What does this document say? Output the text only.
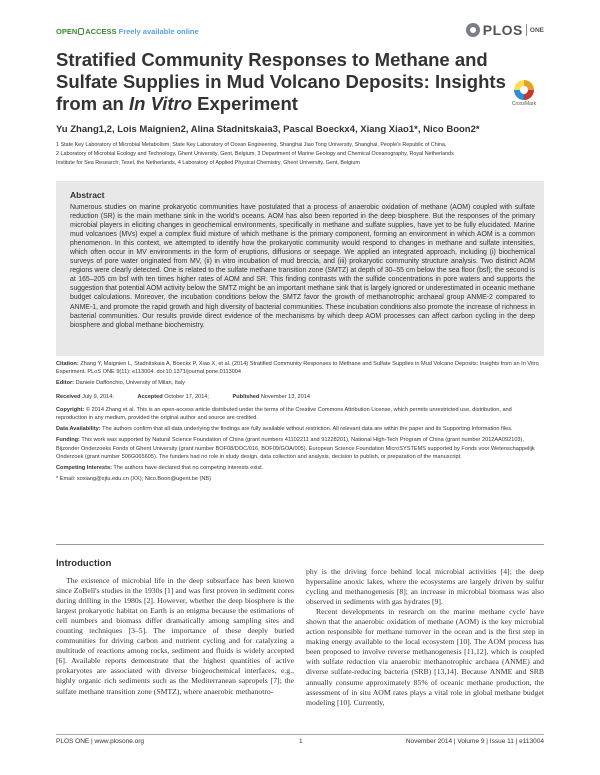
OPEN ACCESS Freely available online	PLOS ONE
Stratified Community Responses to Methane and Sulfate Supplies in Mud Volcano Deposits: Insights from an In Vitro Experiment	CrossMark
Yu Zhang1,2, Lois Maignien2, Alina Stadnitskaia3, Pascal Boeckx4, Xiang Xiao1*, Nico Boon2*
1 State Key Laboratory of Microbial Metabolism, State Key Laboratory of Ocean Engineering, Shanghai Jiao Tong University, Shanghai, People's Republic of China,
2 Laboratory of Microbial Ecology and Technology, Ghent University, Gent, Belgium, 3 Department of Marine Geology and Chemical Oceanography, Royal Netherlands
Institute for Sea Research, Texel, the Netherlands, 4 Laboratory of Applied Physical Chemistry, Ghent University, Gent, Belgium
Abstract
Numerous studies on marine prokaryotic communities have postulated that a process of anaerobic oxidation of methane (AOM) coupled with sulfate reduction (SR) is the main methane sink in the world's oceans. AOM has also been reported in the deep biosphere. But the responses of the primary microbial players in eliciting changes in geochemical environments, specifically in methane and sulfate supplies, have yet to be fully elucidated. Marine mud volcanoes (MVs) expel a complex fluid mixture of which methane is the primary component, forming an environment in which AOM is a common phenomenon. In this context, we attempted to identify how the prokaryotic community would respond to changes in methane and sulfate intensities, which often occur in MV environments in the form of eruptions, diffusions or seepage. We applied an integrated approach, including (i) biochemical surveys of pore water originated from MV, (ii) in vitro incubation of mud breccia, and (iii) prokaryotic community structure analysis. Two distinct AOM regions were clearly detected. One is related to the sulfate methane transition zone (SMTZ) at depth of 30–55 cm below the sea floor (bsf); the second is at 165–205 cm bsf with ten times higher rates of AOM and SR. This finding contrasts with the sulfide concentrations in pore waters and supports the suggestion that potential AOM activity below the SMTZ might be an important methane sink that is largely ignored or underestimated in oceanic methane budget calculations. Moreover, the incubation conditions below the SMTZ favor the growth of methanotrophic archaeal group ANME-2 compared to ANME-1, and promote the rapid growth and high diversity of bacterial communities. These incubation conditions also promote the increase of richness in bacterial communities. Our results provide direct evidence of the mechanisms by which deep AOM processes can affect carbon cycling in the deep biosphere and global methane biochemistry.

Citation: Zhang Y, Maignien L, Stadnitskaia A, Boeckx P, Xiao X, et al. (2014) Stratified Community Responses to Methane and Sulfate Supplies in Mud Volcano Deposits: Insights from an In Vitro Experiment. PLoS ONE 9(11): e113004. doi:10.1371/journal.pone.0113004

Editor: Daniele Daffonchio, University of Milan, Italy

Received July 9, 2014;	Accepted October 17, 2014;	Published November 13, 2014

Copyright: © 2014 Zhang et al. This is an open-access article distributed under the terms of the Creative Commons Attribution License, which permits unrestricted use, distribution, and reproduction in any medium, provided the original author and source are credited.

Data Availability: The authors confirm that all data underlying the findings are fully available without restriction. All relevant data are within the paper and its Supporting Information files.

Funding: This work was supported by Natural Science Foundation of China (grant numbers 41102211 and 91228201), National High-Tech Program of China (grant number 2012AA092103), Bijzonder Onderzoeks Fonds of Ghent University (grant number BOF08/DOC/016, BOF09/GOA/005), European Science Foundation MicroSYSTEMS supported by Fonds voor Wetenschappelijk Onderzoek (grant number 506G065605). The funders had no role in study design, data collection and analysis, decision to publish, or preparation of the manuscript.

Competing Interests: The authors have declared that no competing interests exist.

* Email: xoxiang@sjtu.edu.cn (XX); Nico.Boon@ugent.be (NB)

Introduction

The existence of microbial life in the deep subsurface has been known since ZoBell's studies in the 1930s [1] and was first proven in sediment cores during drilling in the 1980s [2]. However, whether the deep biosphere is the largest prokaryotic habitat on Earth is an enigma because the estimations of cell numbers and biomass differ dramatically among sampling sites and counting techniques [3–5]. The importance of these deeply buried communities for driving carbon and nutrient cycling and for catalyzing a multitude of reactions among rocks, sediment and fluids is widely accepted [6]. Available reports demonstrate that the highest quantities of active prokaryotes are associated with diverse biogeochemical interfaces, e.g., highly organic rich sediments such as the Mediterranean sapropels [7]; the sulfate methane transition zone (SMTZ), where anaerobic methanotro-

phy is the driving force behind local microbial activities [4]; the deep hypersaline anoxic lakes, where the ecosystems are largely driven by sulfur cycling and methanogenesis [8]; an increase in microbial biomass was also observed in sediments with gas hydrates [9].

Recent developments in research on the marine methane cycle have shown that the anaerobic oxidation of methane (AOM) is the key microbial action responsible for methane turnover in the ocean and is the first step in making energy available to the local ecosystem [10]. The AOM process has been proposed to involve reverse methanogenesis [11,12], which is coupled with sulfate reduction via anaerobic methanotrophic archaea (ANME) and diverse sulfate-reducing bacteria (SRB) [13,14]. Because ANME and SRB annually consume approximately 85% of oceanic methane production, the assessment of in situ AOM rates plays a vital role in global methane budget modeling [10]. Currently,

PLOS ONE | www.plosone.org	1	November 2014 | Volume 9 | Issue 11 | e113004
